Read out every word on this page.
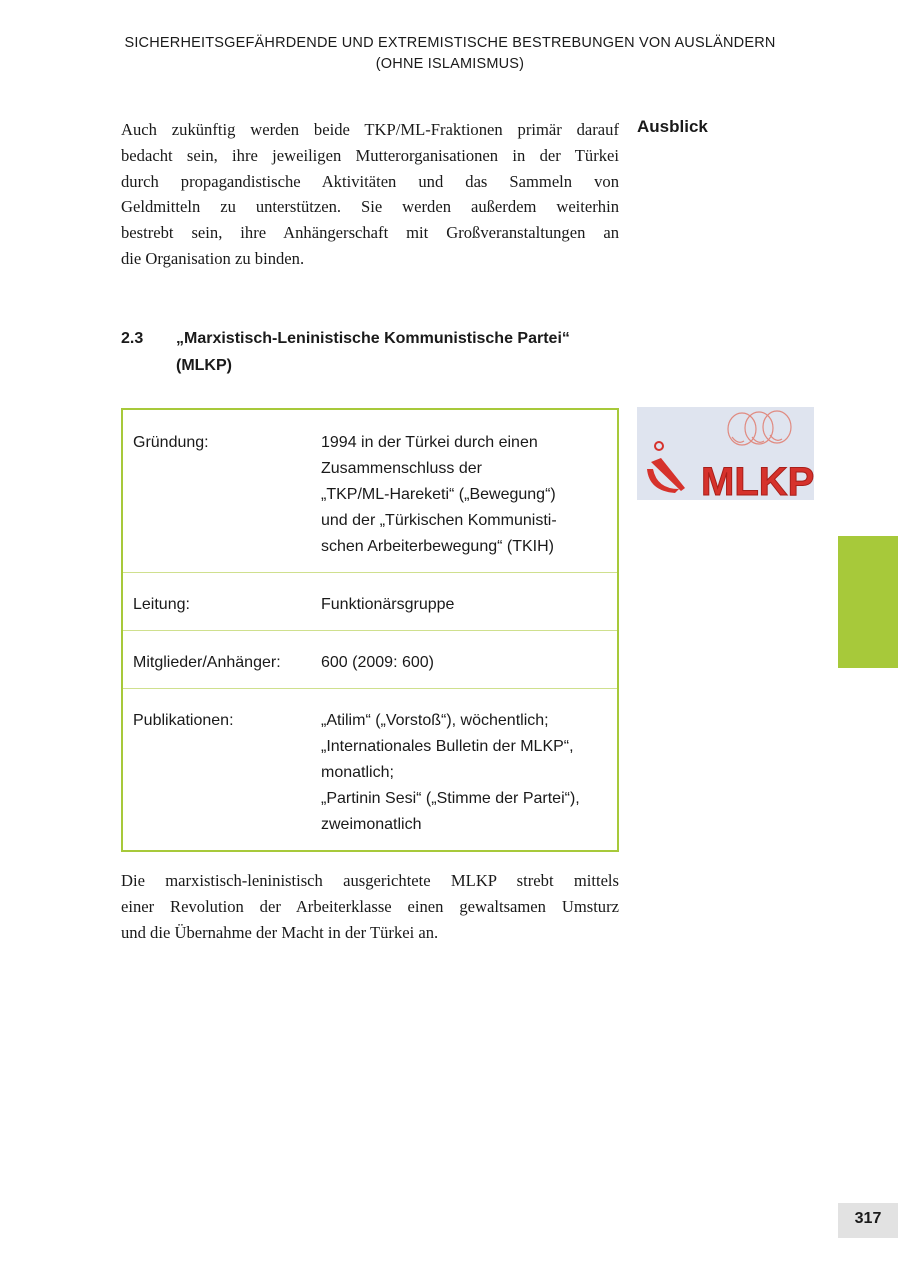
SICHERHEITSGEFÄHRDENDE UND EXTREMISTISCHE BESTREBUNGEN VON AUSLÄNDERN
(OHNE ISLAMISMUS)
Auch zukünftig werden beide TKP/ML-Fraktionen primär darauf
bedacht sein, ihre jeweiligen Mutterorganisationen in der Türkei
durch propagandistische Aktivitäten und das Sammeln von
Geldmitteln zu unterstützen. Sie werden außerdem weiterhin
bestrebt sein, ihre Anhängerschaft mit Großveranstaltungen an
die Organisation zu binden.
Ausblick
2.3 „Marxistisch-Leninistische Kommunistische Partei“ (MLKP)
Gründung:	1994 in der Türkei durch einen
Zusammenschluss der
„TKP/ML-Hareketi“ („Bewegung“)
und der „Türkischen Kommunisti-
schen Arbeiterbewegung“ (TKIH)
Leitung:	Funktionärsgruppe
Mitglieder/Anhänger:	600 (2009: 600)
Publikationen:	„Atilim“ („Vorstoß“), wöchentlich;
„Internationales Bulletin der MLKP“,
monatlich;
„Partinin Sesi“ („Stimme der Partei“),
zweimonatlich
MLKP
Die marxistisch-leninistisch ausgerichtete MLKP strebt mittels
einer Revolution der Arbeiterklasse einen gewaltsamen Umsturz
und die Übernahme der Macht in der Türkei an.
317
